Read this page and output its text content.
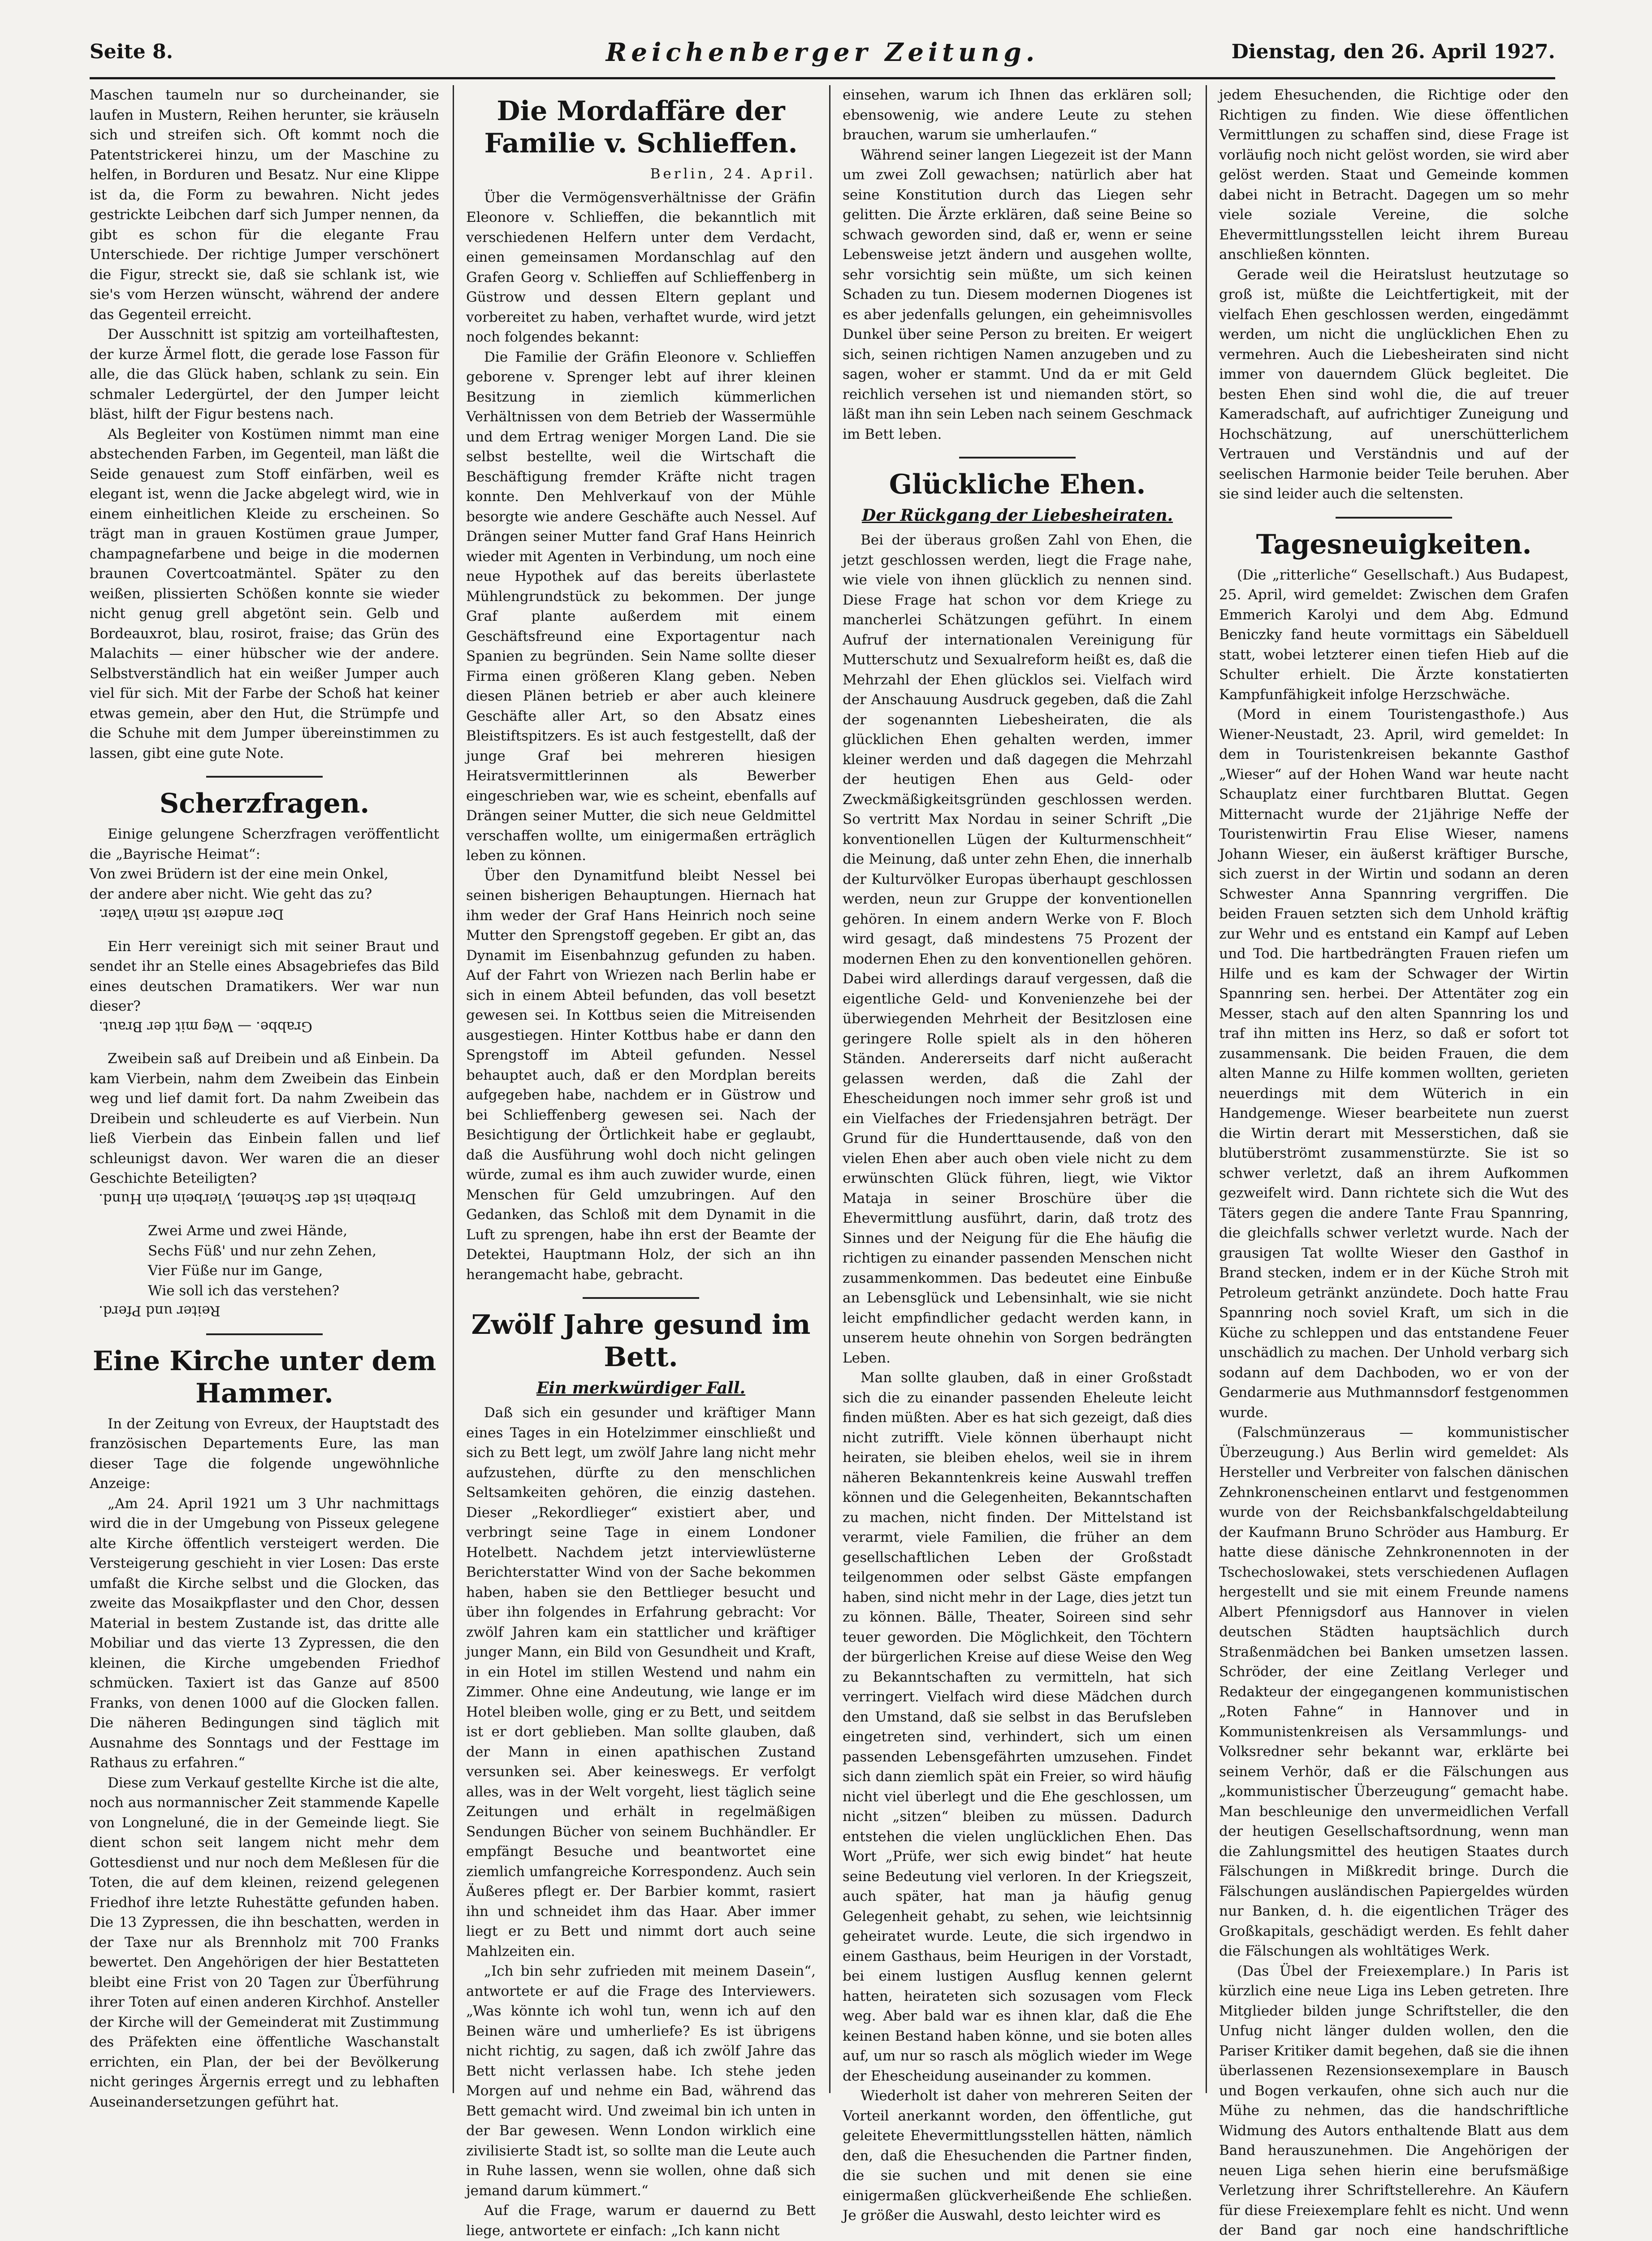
Seite 8.	Reichenberger Zeitung.	Dienstag, den 26. April 1927.

Maschen taumeln nur so durcheinander, sie laufen in Mustern, Reihen herunter, sie kräuseln sich und streifen sich. Oft kommt noch die Patentstrickerei hinzu, um der Maschine zu helfen, in Borduren und Besatz. Nur eine Klippe ist da, die Form zu bewahren. Nicht jedes gestrickte Leibchen darf sich Jumper nennen, da gibt es schon für die elegante Frau Unterschiede. Der richtige Jumper verschönert die Figur, streckt sie, daß sie schlank ist, wie sie's vom Herzen wünscht, während der andere das Gegenteil erreicht.

Der Ausschnitt ist spitzig am vorteilhaftesten, der kurze Ärmel flott, die gerade lose Fasson für alle, die das Glück haben, schlank zu sein. Ein schmaler Ledergürtel, der den Jumper leicht bläst, hilft der Figur bestens nach.

Als Begleiter von Kostümen nimmt man eine abstechenden Farben, im Gegenteil, man läßt die Seide genauest zum Stoff einfärben, weil es elegant ist, wenn die Jacke abgelegt wird, wie in einem einheitlichen Kleide zu erscheinen. So trägt man in grauen Kostümen graue Jumper, champagnefarbene und beige in die modernen braunen Covertcoatmäntel. Später zu den weißen, plissierten Schößen konnte sie wieder nicht genug grell abgetönt sein. Gelb und Bordeauxrot, blau, rosirot, fraise; das Grün des Malachits — einer hübscher wie der andere. Selbstverständlich hat ein weißer Jumper auch viel für sich. Mit der Farbe der Schoß hat keiner etwas gemein, aber den Hut, die Strümpfe und die Schuhe mit dem Jumper übereinstimmen zu lassen, gibt eine gute Note.

Scherzfragen.

Einige gelungene Scherzfragen veröffentlicht die „Bayrische Heimat“:

Von zwei Brüdern ist der eine mein Onkel,

der andere aber nicht. Wie geht das zu?

Der andere ist mein Vater.

Ein Herr vereinigt sich mit seiner Braut und sendet ihr an Stelle eines Absagebriefes das Bild eines deutschen Dramatikers. Wer war nun dieser?

Grabbe. — Weg mit der Braut.

Zweibein saß auf Dreibein und aß Einbein. Da kam Vierbein, nahm dem Zweibein das Einbein weg und lief damit fort. Da nahm Zweibein das Dreibein und schleuderte es auf Vierbein. Nun ließ Vierbein das Einbein fallen und lief schleunigst davon. Wer waren die an dieser Geschichte Beteiligten?

Dreibein ist der Schemel, Vierbein ein Hund.

Zwei Arme und zwei Hände,

Sechs Füß' und nur zehn Zehen,

Vier Füße nur im Gange,

Wie soll ich das verstehen?

Reiter und Pferd.

Eine Kirche unter dem Hammer.

In der Zeitung von Evreux, der Hauptstadt des französischen Departements Eure, las man dieser Tage die folgende ungewöhnliche Anzeige:

„Am 24. April 1921 um 3 Uhr nachmittags wird die in der Umgebung von Pisseux gelegene alte Kirche öffentlich versteigert werden. Die Versteigerung geschieht in vier Losen: Das erste umfaßt die Kirche selbst und die Glocken, das zweite das Mosaikpflaster und den Chor, dessen Material in bestem Zustande ist, das dritte alle Mobiliar und das vierte 13 Zypressen, die den kleinen, die Kirche umgebenden Friedhof schmücken. Taxiert ist das Ganze auf 8500 Franks, von denen 1000 auf die Glocken fallen. Die näheren Bedingungen sind täglich mit Ausnahme des Sonntags und der Festtage im Rathaus zu erfahren.“

Diese zum Verkauf gestellte Kirche ist die alte, noch aus normannischer Zeit stammende Kapelle von Longneluné, die in der Gemeinde liegt. Sie dient schon seit langem nicht mehr dem Gottesdienst und nur noch dem Meßlesen für die Toten, die auf dem kleinen, reizend gelegenen Friedhof ihre letzte Ruhestätte gefunden haben. Die 13 Zypressen, die ihn beschatten, werden in der Taxe nur als Brennholz mit 700 Franks bewertet. Den Angehörigen der hier Bestatteten bleibt eine Frist von 20 Tagen zur Überführung ihrer Toten auf einen anderen Kirchhof. Ansteller der Kirche will der Gemeinderat mit Zustimmung des Präfekten eine öffentliche Waschanstalt errichten, ein Plan, der bei der Bevölkerung nicht geringes Ärgernis erregt und zu lebhaften Auseinandersetzungen geführt hat.

Die Mordaffäre der Familie v. Schlieffen.
Berlin, 24. April.

Über die Vermögensverhältnisse der Gräfin Eleonore v. Schlieffen, die bekanntlich mit verschiedenen Helfern unter dem Verdacht, einen gemeinsamen Mordanschlag auf den Grafen Georg v. Schlieffen auf Schlieffenberg in Güstrow und dessen Eltern geplant und vorbereitet zu haben, verhaftet wurde, wird jetzt noch folgendes bekannt:

Die Familie der Gräfin Eleonore v. Schlieffen geborene v. Sprenger lebt auf ihrer kleinen Besitzung in ziemlich kümmerlichen Verhältnissen von dem Betrieb der Wassermühle und dem Ertrag weniger Morgen Land. Die sie selbst bestellte, weil die Wirtschaft die Beschäftigung fremder Kräfte nicht tragen konnte. Den Mehlverkauf von der Mühle besorgte wie andere Geschäfte auch Nessel. Auf Drängen seiner Mutter fand Graf Hans Heinrich wieder mit Agenten in Verbindung, um noch eine neue Hypothek auf das bereits überlastete Mühlengrundstück zu bekommen. Der junge Graf plante außerdem mit einem Geschäftsfreund eine Exportagentur nach Spanien zu begründen. Sein Name sollte dieser Firma einen größeren Klang geben. Neben diesen Plänen betrieb er aber auch kleinere Geschäfte aller Art, so den Absatz eines Bleistiftspitzers. Es ist auch festgestellt, daß der junge Graf bei mehreren hiesigen Heiratsvermittlerinnen als Bewerber eingeschrieben war, wie es scheint, ebenfalls auf Drängen seiner Mutter, die sich neue Geldmittel verschaffen wollte, um einigermaßen erträglich leben zu können.

Über den Dynamitfund bleibt Nessel bei seinen bisherigen Behauptungen. Hiernach hat ihm weder der Graf Hans Heinrich noch seine Mutter den Sprengstoff gegeben. Er gibt an, das Dynamit im Eisenbahnzug gefunden zu haben. Auf der Fahrt von Wriezen nach Berlin habe er sich in einem Abteil befunden, das voll besetzt gewesen sei. In Kottbus seien die Mitreisenden ausgestiegen. Hinter Kottbus habe er dann den Sprengstoff im Abteil gefunden. Nessel behauptet auch, daß er den Mordplan bereits aufgegeben habe, nachdem er in Güstrow und bei Schlieffenberg gewesen sei. Nach der Besichtigung der Örtlichkeit habe er geglaubt, daß die Ausführung wohl doch nicht gelingen würde, zumal es ihm auch zuwider wurde, einen Menschen für Geld umzubringen. Auf den Gedanken, das Schloß mit dem Dynamit in die Luft zu sprengen, habe ihn erst der Beamte der Detektei, Hauptmann Holz, der sich an ihn herangemacht habe, gebracht.

Zwölf Jahre gesund im Bett.
Ein merkwürdiger Fall.

Daß sich ein gesunder und kräftiger Mann eines Tages in ein Hotelzimmer einschließt und sich zu Bett legt, um zwölf Jahre lang nicht mehr aufzustehen, dürfte zu den menschlichen Seltsamkeiten gehören, die einzig dastehen. Dieser „Rekordlieger“ existiert aber, und verbringt seine Tage in einem Londoner Hotelbett. Nachdem jetzt interviewlüsterne Berichterstatter Wind von der Sache bekommen haben, haben sie den Bettlieger besucht und über ihn folgendes in Erfahrung gebracht: Vor zwölf Jahren kam ein stattlicher und kräftiger junger Mann, ein Bild von Gesundheit und Kraft, in ein Hotel im stillen Westend und nahm ein Zimmer. Ohne eine Andeutung, wie lange er im Hotel bleiben wolle, ging er zu Bett, und seitdem ist er dort geblieben. Man sollte glauben, daß der Mann in einen apathischen Zustand versunken sei. Aber keineswegs. Er verfolgt alles, was in der Welt vorgeht, liest täglich seine Zeitungen und erhält in regelmäßigen Sendungen Bücher von seinem Buchhändler. Er empfängt Besuche und beantwortet eine ziemlich umfangreiche Korrespondenz. Auch sein Äußeres pflegt er. Der Barbier kommt, rasiert ihn und schneidet ihm das Haar. Aber immer liegt er zu Bett und nimmt dort auch seine Mahlzeiten ein.

„Ich bin sehr zufrieden mit meinem Dasein“, antwortete er auf die Frage des Interviewers. „Was könnte ich wohl tun, wenn ich auf den Beinen wäre und umherliefe? Es ist übrigens nicht richtig, zu sagen, daß ich zwölf Jahre das Bett nicht verlassen habe. Ich stehe jeden Morgen auf und nehme ein Bad, während das Bett gemacht wird. Und zweimal bin ich unten in der Bar gewesen. Wenn London wirklich eine zivilisierte Stadt ist, so sollte man die Leute auch in Ruhe lassen, wenn sie wollen, ohne daß sich jemand darum kümmert.“

Auf die Frage, warum er dauernd zu Bett liege, antwortete er einfach: „Ich kann nicht

einsehen, warum ich Ihnen das erklären soll; ebensowenig, wie andere Leute zu stehen brauchen, warum sie umherlaufen.“

Während seiner langen Liegezeit ist der Mann um zwei Zoll gewachsen; natürlich aber hat seine Konstitution durch das Liegen sehr gelitten. Die Ärzte erklären, daß seine Beine so schwach geworden sind, daß er, wenn er seine Lebensweise jetzt ändern und ausgehen wollte, sehr vorsichtig sein müßte, um sich keinen Schaden zu tun. Diesem modernen Diogenes ist es aber jedenfalls gelungen, ein geheimnisvolles Dunkel über seine Person zu breiten. Er weigert sich, seinen richtigen Namen anzugeben und zu sagen, woher er stammt. Und da er mit Geld reichlich versehen ist und niemanden stört, so läßt man ihn sein Leben nach seinem Geschmack im Bett leben.

Glückliche Ehen.
Der Rückgang der Liebesheiraten.

Bei der überaus großen Zahl von Ehen, die jetzt geschlossen werden, liegt die Frage nahe, wie viele von ihnen glücklich zu nennen sind. Diese Frage hat schon vor dem Kriege zu mancherlei Schätzungen geführt. In einem Aufruf der internationalen Vereinigung für Mutterschutz und Sexualreform heißt es, daß die Mehrzahl der Ehen glücklos sei. Vielfach wird der Anschauung Ausdruck gegeben, daß die Zahl der sogenannten Liebesheiraten, die als glücklichen Ehen gehalten werden, immer kleiner werden und daß dagegen die Mehrzahl der heutigen Ehen aus Geld- oder Zweckmäßigkeitsgründen geschlossen werden. So vertritt Max Nordau in seiner Schrift „Die konventionellen Lügen der Kulturmenschheit“ die Meinung, daß unter zehn Ehen, die innerhalb der Kulturvölker Europas überhaupt geschlossen werden, neun zur Gruppe der konventionellen gehören. In einem andern Werke von F. Bloch wird gesagt, daß mindestens 75 Prozent der modernen Ehen zu den konventionellen gehören. Dabei wird allerdings darauf vergessen, daß die eigentliche Geld- und Konvenienzehe bei der überwiegenden Mehrheit der Besitzlosen eine geringere Rolle spielt als in den höheren Ständen. Andererseits darf nicht außeracht gelassen werden, daß die Zahl der Ehescheidungen noch immer sehr groß ist und ein Vielfaches der Friedensjahren beträgt. Der Grund für die Hunderttausende, daß von den vielen Ehen aber auch oben viele nicht zu dem erwünschten Glück führen, liegt, wie Viktor Mataja in seiner Broschüre über die Ehevermittlung ausführt, darin, daß trotz des Sinnes und der Neigung für die Ehe häufig die richtigen zu einander passenden Menschen nicht zusammenkommen. Das bedeutet eine Einbuße an Lebensglück und Lebensinhalt, wie sie nicht leicht empfindlicher gedacht werden kann, in unserem heute ohnehin von Sorgen bedrängten Leben.

Man sollte glauben, daß in einer Großstadt sich die zu einander passenden Eheleute leicht finden müßten. Aber es hat sich gezeigt, daß dies nicht zutrifft. Viele können überhaupt nicht heiraten, sie bleiben ehelos, weil sie in ihrem näheren Bekanntenkreis keine Auswahl treffen können und die Gelegenheiten, Bekanntschaften zu machen, nicht finden. Der Mittelstand ist verarmt, viele Familien, die früher an dem gesellschaftlichen Leben der Großstadt teilgenommen oder selbst Gäste empfangen haben, sind nicht mehr in der Lage, dies jetzt tun zu können. Bälle, Theater, Soireen sind sehr teuer geworden. Die Möglichkeit, den Töchtern der bürgerlichen Kreise auf diese Weise den Weg zu Bekanntschaften zu vermitteln, hat sich verringert. Vielfach wird diese Mädchen durch den Umstand, daß sie selbst in das Berufsleben eingetreten sind, verhindert, sich um einen passenden Lebensgefährten umzusehen. Findet sich dann ziemlich spät ein Freier, so wird häufig nicht viel überlegt und die Ehe geschlossen, um nicht „sitzen“ bleiben zu müssen. Dadurch entstehen die vielen unglücklichen Ehen. Das Wort „Prüfe, wer sich ewig bindet“ hat heute seine Bedeutung viel verloren. In der Kriegszeit, auch später, hat man ja häufig genug Gelegenheit gehabt, zu sehen, wie leichtsinnig geheiratet wurde. Leute, die sich irgendwo in einem Gasthaus, beim Heurigen in der Vorstadt, bei einem lustigen Ausflug kennen gelernt hatten, heirateten sich sozusagen vom Fleck weg. Aber bald war es ihnen klar, daß die Ehe keinen Bestand haben könne, und sie boten alles auf, um nur so rasch als möglich wieder im Wege der Ehescheidung auseinander zu kommen.

Wiederholt ist daher von mehreren Seiten der Vorteil anerkannt worden, den öffentliche, gut geleitete Ehevermittlungsstellen hätten, nämlich den, daß die Ehesuchenden die Partner finden, die sie suchen und mit denen sie eine einigermaßen glückverheißende Ehe schließen. Je größer die Auswahl, desto leichter wird es

jedem Ehesuchenden, die Richtige oder den Richtigen zu finden. Wie diese öffentlichen Vermittlungen zu schaffen sind, diese Frage ist vorläufig noch nicht gelöst worden, sie wird aber gelöst werden. Staat und Gemeinde kommen dabei nicht in Betracht. Dagegen um so mehr viele soziale Vereine, die solche Ehevermittlungsstellen leicht ihrem Bureau anschließen könnten.

Gerade weil die Heiratslust heutzutage so groß ist, müßte die Leichtfertigkeit, mit der vielfach Ehen geschlossen werden, eingedämmt werden, um nicht die unglücklichen Ehen zu vermehren. Auch die Liebesheiraten sind nicht immer von dauerndem Glück begleitet. Die besten Ehen sind wohl die, die auf treuer Kameradschaft, auf aufrichtiger Zuneigung und Hochschätzung, auf unerschütterlichem Vertrauen und Verständnis und auf der seelischen Harmonie beider Teile beruhen. Aber sie sind leider auch die seltensten.

Tagesneuigkeiten.

(Die „ritterliche“ Gesellschaft.) Aus Budapest, 25. April, wird gemeldet: Zwischen dem Grafen Emmerich Karolyi und dem Abg. Edmund Beniczky fand heute vormittags ein Säbelduell statt, wobei letzterer einen tiefen Hieb auf die Schulter erhielt. Die Ärzte konstatierten Kampfunfähigkeit infolge Herzschwäche.

(Mord in einem Touristengasthofe.) Aus Wiener-Neustadt, 23. April, wird gemeldet: In dem in Touristenkreisen bekannte Gasthof „Wieser“ auf der Hohen Wand war heute nacht Schauplatz einer furchtbaren Bluttat. Gegen Mitternacht wurde der 21jährige Neffe der Touristenwirtin Frau Elise Wieser, namens Johann Wieser, ein äußerst kräftiger Bursche, sich zuerst in der Wirtin und sodann an deren Schwester Anna Spannring vergriffen. Die beiden Frauen setzten sich dem Unhold kräftig zur Wehr und es entstand ein Kampf auf Leben und Tod. Die hartbedrängten Frauen riefen um Hilfe und es kam der Schwager der Wirtin Spannring sen. herbei. Der Attentäter zog ein Messer, stach auf den alten Spannring los und traf ihn mitten ins Herz, so daß er sofort tot zusammensank. Die beiden Frauen, die dem alten Manne zu Hilfe kommen wollten, gerieten neuerdings mit dem Wüterich in ein Handgemenge. Wieser bearbeitete nun zuerst die Wirtin derart mit Messerstichen, daß sie blutüberströmt zusammenstürzte. Sie ist so schwer verletzt, daß an ihrem Aufkommen gezweifelt wird. Dann richtete sich die Wut des Täters gegen die andere Tante Frau Spannring, die gleichfalls schwer verletzt wurde. Nach der grausigen Tat wollte Wieser den Gasthof in Brand stecken, indem er in der Küche Stroh mit Petroleum getränkt anzündete. Doch hatte Frau Spannring noch soviel Kraft, um sich in die Küche zu schleppen und das entstandene Feuer unschädlich zu machen. Der Unhold verbarg sich sodann auf dem Dachboden, wo er von der Gendarmerie aus Muthmannsdorf festgenommen wurde.

(Falschmünzeraus — kommunistischer Überzeugung.) Aus Berlin wird gemeldet: Als Hersteller und Verbreiter von falschen dänischen Zehnkronenscheinen entlarvt und festgenommen wurde von der Reichsbankfalschgeldabteilung der Kaufmann Bruno Schröder aus Hamburg. Er hatte diese dänische Zehnkronennoten in der Tschechoslowakei, stets verschiedenen Auflagen hergestellt und sie mit einem Freunde namens Albert Pfennigsdorf aus Hannover in vielen deutschen Städten hauptsächlich durch Straßenmädchen bei Banken umsetzen lassen. Schröder, der eine Zeitlang Verleger und Redakteur der eingegangenen kommunistischen „Roten Fahne“ in Hannover und in Kommunistenkreisen als Versammlungs- und Volksredner sehr bekannt war, erklärte bei seinem Verhör, daß er die Fälschungen aus „kommunistischer Überzeugung“ gemacht habe. Man beschleunige den unvermeidlichen Verfall der heutigen Gesellschaftsordnung, wenn man die Zahlungsmittel des heutigen Staates durch Fälschungen in Mißkredit bringe. Durch die Fälschungen ausländischen Papiergeldes würden nur Banken, d. h. die eigentlichen Träger des Großkapitals, geschädigt werden. Es fehlt daher die Fälschungen als wohltätiges Werk.

(Das Übel der Freiexemplare.) In Paris ist kürzlich eine neue Liga ins Leben getreten. Ihre Mitglieder bilden junge Schriftsteller, die den Unfug nicht länger dulden wollen, den die Pariser Kritiker damit begehen, daß sie die ihnen überlassenen Rezensionsexemplare in Bausch und Bogen verkaufen, ohne sich auch nur die Mühe zu nehmen, das die handschriftliche Widmung des Autors enthaltende Blatt aus dem Band herauszunehmen. Die Angehörigen der neuen Liga sehen hierin eine berufsmäßige Verletzung ihrer Schriftstellerehre. An Käufern für diese Freiexemplare fehlt es nicht. Und wenn der Band gar noch eine handschriftliche
